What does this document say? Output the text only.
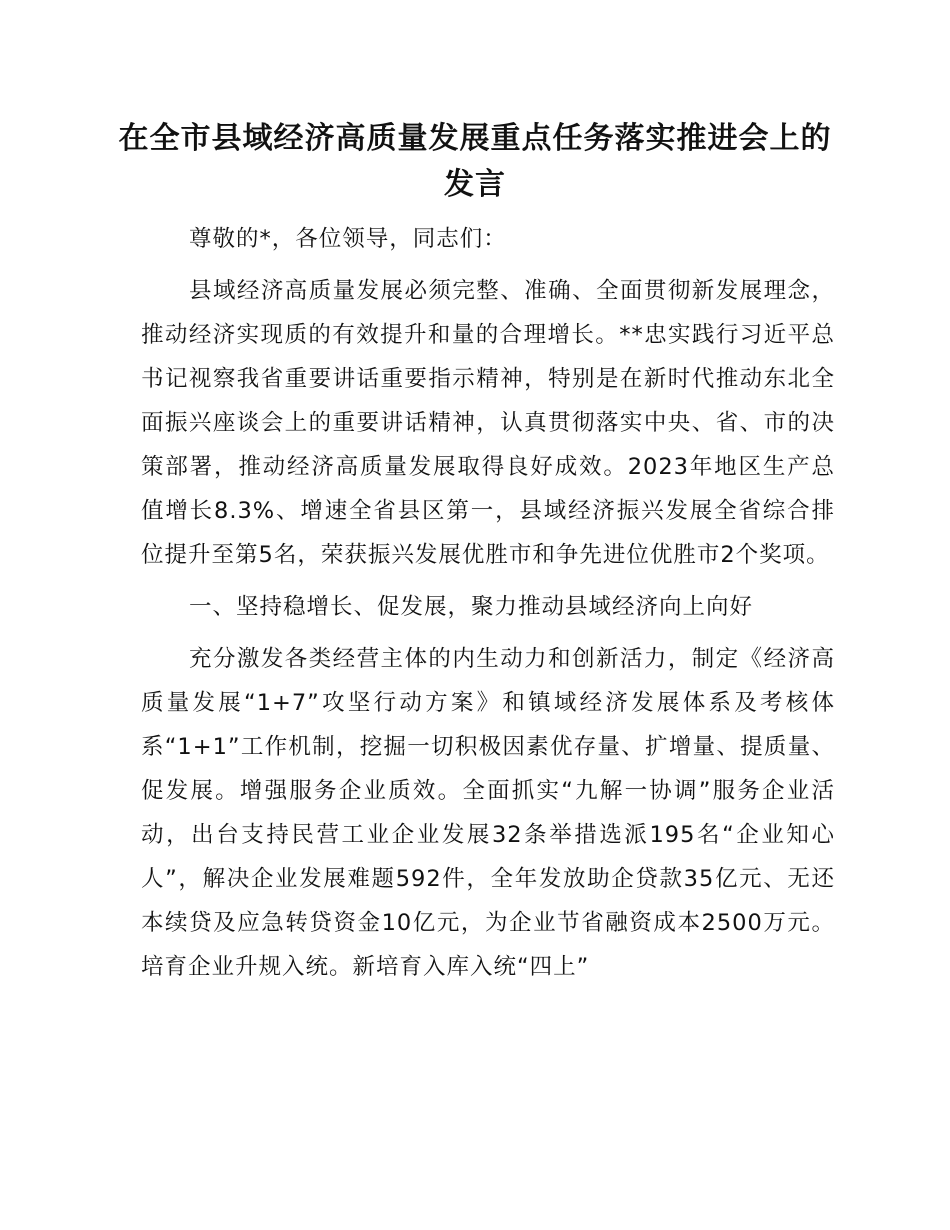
在全市县域经济高质量发展重点任务落实推进会上的发言

尊敬的*，各位领导，同志们：

县域经济高质量发展必须完整、准确、全面贯彻新发展理念，推动经济实现质的有效提升和量的合理增长。**忠实践行习近平总书记视察我省重要讲话重要指示精神，特别是在新时代推动东北全面振兴座谈会上的重要讲话精神，认真贯彻落实中央、省、市的决策部署，推动经济高质量发展取得良好成效。2023年地区生产总值增长8.3%、增速全省县区第一，县域经济振兴发展全省综合排位提升至第5名，荣获振兴发展优胜市和争先进位优胜市2个奖项。

一、坚持稳增长、促发展，聚力推动县域经济向上向好

充分激发各类经营主体的内生动力和创新活力，制定《经济高质量发展“1+7”攻坚行动方案》和镇域经济发展体系及考核体系“1+1”工作机制，挖掘一切积极因素优存量、扩增量、提质量、促发展。增强服务企业质效。全面抓实“九解一协调”服务企业活动，出台支持民营工业企业发展32条举措选派195名“企业知心人”，解决企业发展难题592件，全年发放助企贷款35亿元、无还本续贷及应急转贷资金10亿元，为企业节省融资成本2500万元。培育企业升规入统。新培育入库入统“四上”
